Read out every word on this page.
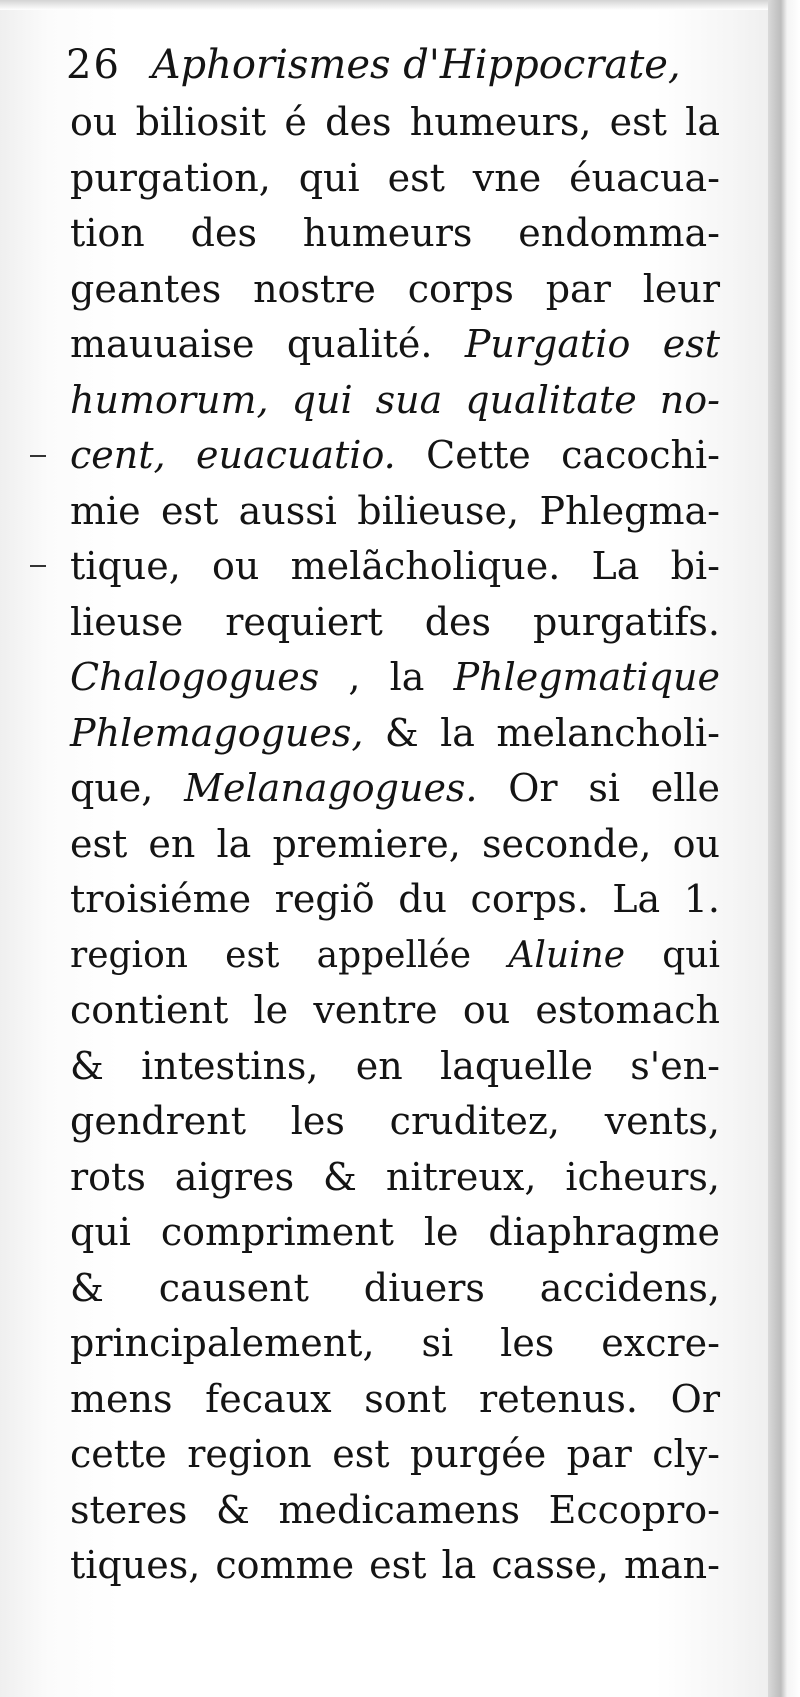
26 Aphorismes d'Hippocrate,
ou biliosit é des humeurs, est la
purgation, qui est vne éuacua-
tion des humeurs endomma-
geantes nostre corps par leur
mauuaise qualité. Purgatio est
humorum, qui sua qualitate no-
cent, euacuatio. Cette cacochi-
mie est aussi bilieuse, Phlegma-
tique, ou melãcholique. La bi-
lieuse requiert des purgatifs.
Chalogogues , la Phlegmatique
Phlemagogues, & la melancholi-
que, Melanagogues. Or si elle
est en la premiere, seconde, ou
troisiéme regiõ du corps. La 1.
region est appellée Aluine qui
contient le ventre ou estomach
& intestins, en laquelle s'en-
gendrent les cruditez, vents,
rots aigres & nitreux, icheurs,
qui compriment le diaphragme
& causent diuers accidens,
principalement, si les excre-
mens fecaux sont retenus. Or
cette region est purgée par cly-
steres & medicamens Eccopro-
tiques, comme est la casse, man-
